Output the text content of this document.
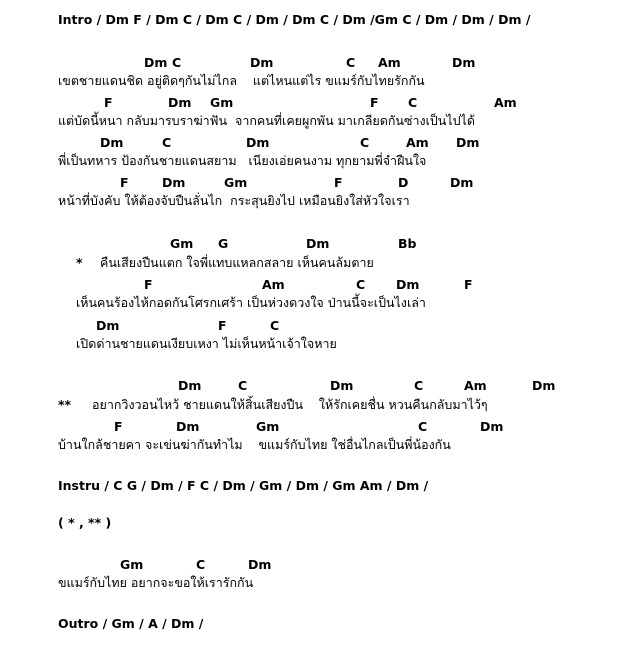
Intro / Dm F / Dm C / Dm C / Dm / Dm C / Dm /Gm C / Dm / Dm / Dm /
Dm C	Dm	C Am	Dm
เขตชายแดนชิด อยู่ติดๆกันไม่ไกล    แต่ไหนแต่ไร ขแมร์กับไทยรักกัน
F	Dm Gm	F C	Am
แต่บัดนี้หนา กลับมารบราฆ่าฟัน  จากคนที่เคยผูกพัน มาเกลียดกันซ่างเป็นไปได้
Dm	C	Dm	C	Am Dm
พี่เป็นทหาร ป้องกันชายแดนสยาม   เนียงเอ่ยคนงาม ทุกยามพี่จำฝืนใจ
F	Dm	Gm	F	D	Dm
หน้าที่บังคับ ให้ต้องจับปืนลั่นไก  กระสุนยิงไป เหมือนยิงใส่หัวใจเรา
Gm G	Dm	Bb
* คืนเสียงปืนแตก ใจพี่แทบแหลกสลาย เห็นคนล้มตาย
F	Am	C Dm	F
เห็นคนร้องไห้กอดกันโศรกเศร้า เป็นห่วงดวงใจ ป่านนี้จะเป็นไงเล่า
Dm	F	C
เปิดด่านชายแดนเงียบเหงา ไม่เห็นหน้าเจ้าใจหาย
Dm	C	Dm	C	Am	Dm
** อยากวิงวอนไหว้ ชายแดนให้สิ้นเสียงปืน    ให้รักเคยชื่น หวนคืนกลับมาไว้ๆ
F	Dm	Gm	C	Dm
บ้านใกล้ชายคา จะเข่นฆ่ากันทำไม    ขแมร์กับไทย ใช่อื่นไกลเป็นพี่น้องกัน
Instru / C G / Dm / F C / Dm / Gm / Dm / Gm Am / Dm /
( * , ** )
Gm	C	Dm
ขแมร์กับไทย อยากจะขอให้เรารักกัน
Outro / Gm / A / Dm /
